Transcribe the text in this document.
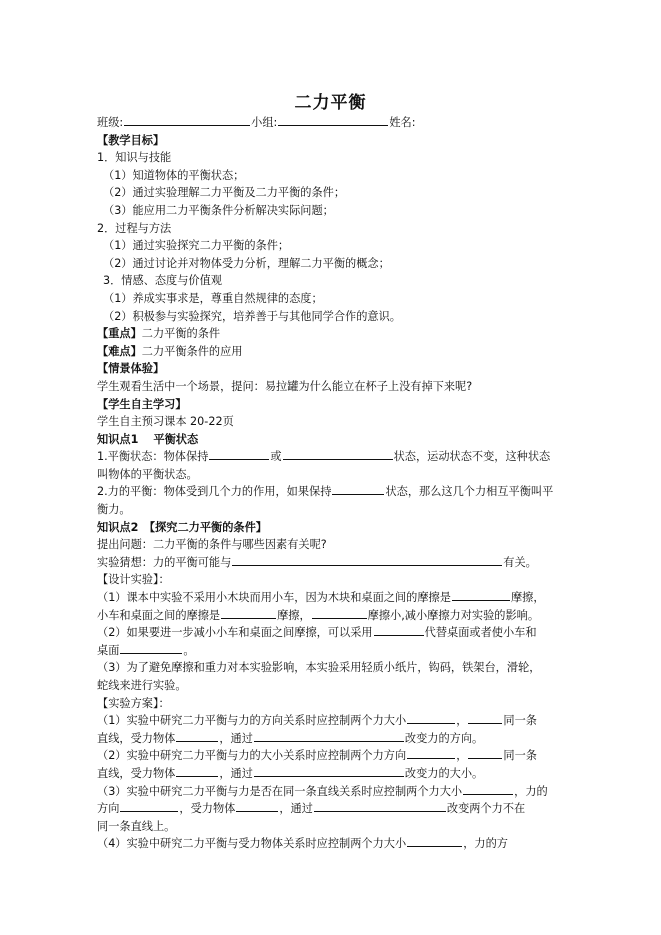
二力平衡
班级:	小组:	姓名:
【教学目标】
1．知识与技能
（1）知道物体的平衡状态；
（2）通过实验理解二力平衡及二力平衡的条件；
（3）能应用二力平衡条件分析解决实际问题；
2．过程与方法
（1）通过实验探究二力平衡的条件；
（2）通过讨论并对物体受力分析，理解二力平衡的概念；
3．情感、态度与价值观
（1）养成实事求是，尊重自然规律的态度；
（2）积极参与实验探究，培养善于与其他同学合作的意识。
【重点】二力平衡的条件
【难点】二力平衡条件的应用
【情景体验】
学生观看生活中一个场景，提问：易拉罐为什么能立在杯子上没有掉下来呢?
【学生自主学习】
学生自主预习课本 20-22页
知识点1　 平衡状态
1.平衡状态：物体保持	或	状态，运动状态不变，这种状态
叫物体的平衡状态。
2.力的平衡：物体受到几个力的作用，如果保持	状态，那么这几个力相互平衡叫平
衡力。
知识点2　【探究二力平衡的条件】
提出问题：二力平衡的条件与哪些因素有关呢?
实验猜想：力的平衡可能与	有关。
【设计实验】：
（1）课本中实验不采用小木块而用小车，因为木块和桌面之间的摩擦是	摩擦，
小车和桌面之间的摩擦是	摩擦，	摩擦小,减小摩擦力对实验的影响。
（2）如果要进一步减小小车和桌面之间摩擦，可以采用	代替桌面或者使小车和
桌面	。
（3）为了避免摩擦和重力对本实验影响，本实验采用轻质小纸片，钩码，铁架台，滑轮，
蛇线来进行实验。
【实验方案】：
（1）实验中研究二力平衡与力的方向关系时应控制两个力大小	，	同一条
直线，受力物体	，通过	改变力的方向。
（2）实验中研究二力平衡与力的大小关系时应控制两个力方向	，	同一条
直线，受力物体	，通过	改变力的大小。
（3）实验中研究二力平衡与力是否在同一条直线关系时应控制两个力大小	，力的
方向	，受力物体	，通过	改变两个力不在
同一条直线上。
（4）实验中研究二力平衡与受力物体关系时应控制两个力大小	，力的方
